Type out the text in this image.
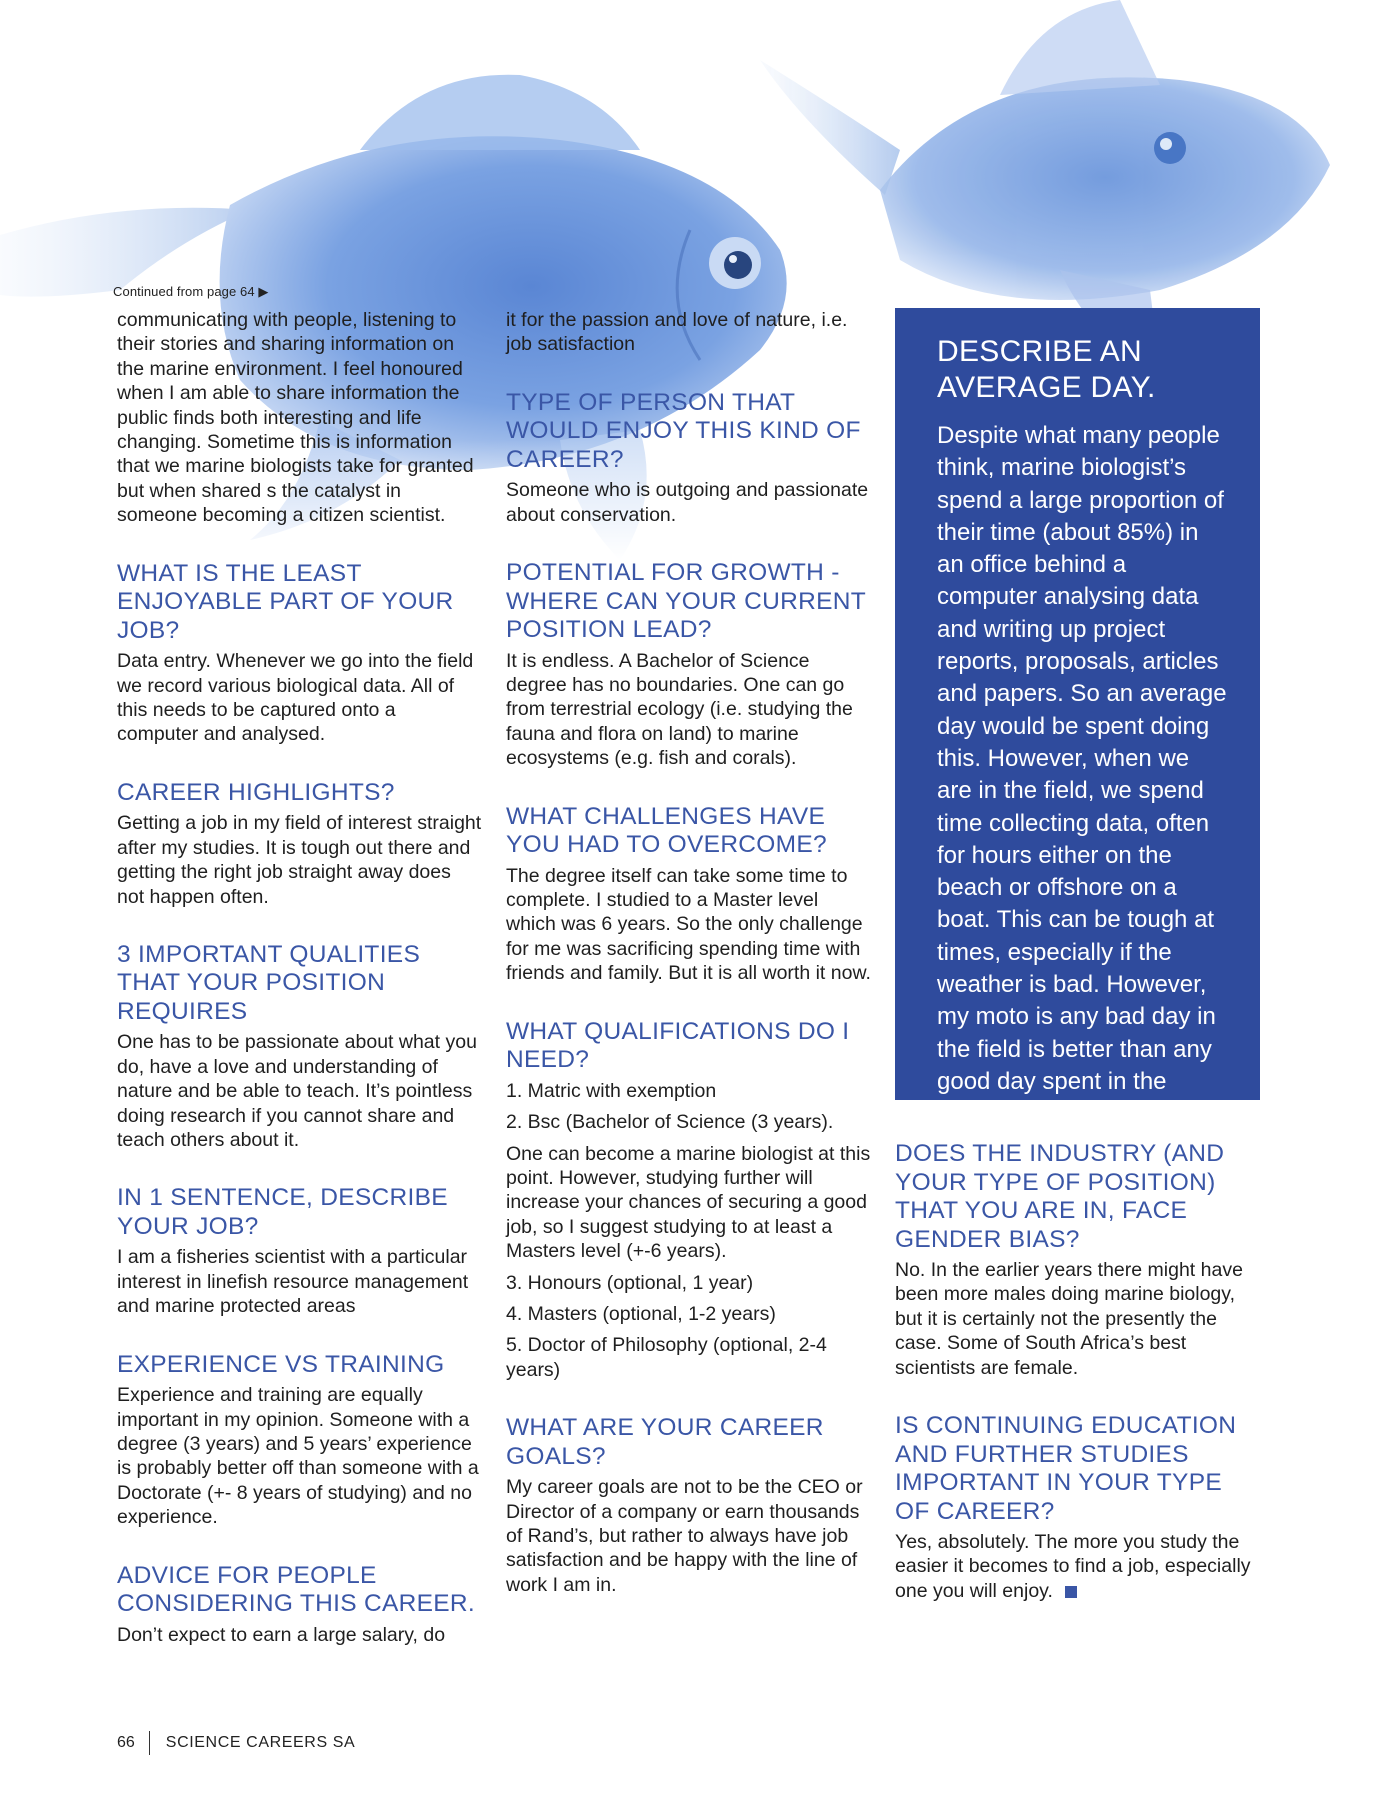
Continued from page 64 ▶

communicating with people, listening to their stories and sharing information on the marine environment. I feel honoured when I am able to share information the public finds both interesting and life changing. Sometime this is information that we marine biologists take for granted but when shared s the catalyst in someone becoming a citizen scientist.

WHAT IS THE LEAST ENJOYABLE PART OF YOUR JOB?

Data entry. Whenever we go into the field we record various biological data. All of this needs to be captured onto a computer and analysed.

CAREER HIGHLIGHTS?

Getting a job in my field of interest straight after my studies. It is tough out there and getting the right job straight away does not happen often.

3 IMPORTANT QUALITIES THAT YOUR POSITION REQUIRES

One has to be passionate about what you do, have a love and understanding of nature and be able to teach. It’s pointless doing research if you cannot share and teach others about it.

IN 1 SENTENCE, DESCRIBE YOUR JOB?

I am a fisheries scientist with a particular interest in linefish resource management and marine protected areas

EXPERIENCE VS TRAINING

Experience and training are equally important in my opinion. Someone with a degree (3 years) and 5 years’ experience is probably better off than someone with a Doctorate (+- 8 years of studying) and no experience.

ADVICE FOR PEOPLE CONSIDERING THIS CAREER.

Don’t expect to earn a large salary, do

it for the passion and love of nature, i.e. job satisfaction

TYPE OF PERSON THAT WOULD ENJOY THIS KIND OF CAREER?

Someone who is outgoing and passionate about conservation.

POTENTIAL FOR GROWTH - WHERE CAN YOUR CURRENT POSITION LEAD?

It is endless. A Bachelor of Science degree has no boundaries. One can go from terrestrial ecology (i.e. studying the fauna and flora on land) to marine ecosystems (e.g. fish and corals).

WHAT CHALLENGES HAVE YOU HAD TO OVERCOME?

The degree itself can take some time to complete. I studied to a Master level which was 6 years. So the only challenge for me was sacrificing spending time with friends and family. But it is all worth it now.

WHAT QUALIFICATIONS DO I NEED?
1. Matric with exemption
2. Bsc (Bachelor of Science (3 years).

One can become a marine biologist at this point. However, studying further will increase your chances of securing a good job, so I suggest studying to at least a Masters level (+-6 years).

3. Honours (optional, 1 year)
4. Masters (optional, 1-2 years)
5. Doctor of Philosophy (optional, 2-4 years)
WHAT ARE YOUR CAREER GOALS?

My career goals are not to be the CEO or Director of a company or earn thousands of Rand’s, but rather to always have job satisfaction and be happy with the line of work I am in.

DESCRIBE AN AVERAGE DAY.

Despite what many people think, marine biologist’s spend a large proportion of their time (about 85%) in an office behind a computer analysing data and writing up project reports, proposals, articles and papers. So an average day would be spent doing this. However, when we are in the field, we spend time collecting data, often for hours either on the beach or offshore on a boat. This can be tough at times, especially if the weather is bad. However, my moto is any bad day in the field is better than any good day spent in the office!

DOES THE INDUSTRY (AND YOUR TYPE OF POSITION) THAT YOU ARE IN, FACE GENDER BIAS?

No. In the earlier years there might have been more males doing marine biology, but it is certainly not the presently the case. Some of South Africa’s best scientists are female.

IS CONTINUING EDUCATION AND FURTHER STUDIES IMPORTANT IN YOUR TYPE OF CAREER?

Yes, absolutely. The more you study the easier it becomes to find a job, especially one you will enjoy.

66 SCIENCE CAREERS SA
